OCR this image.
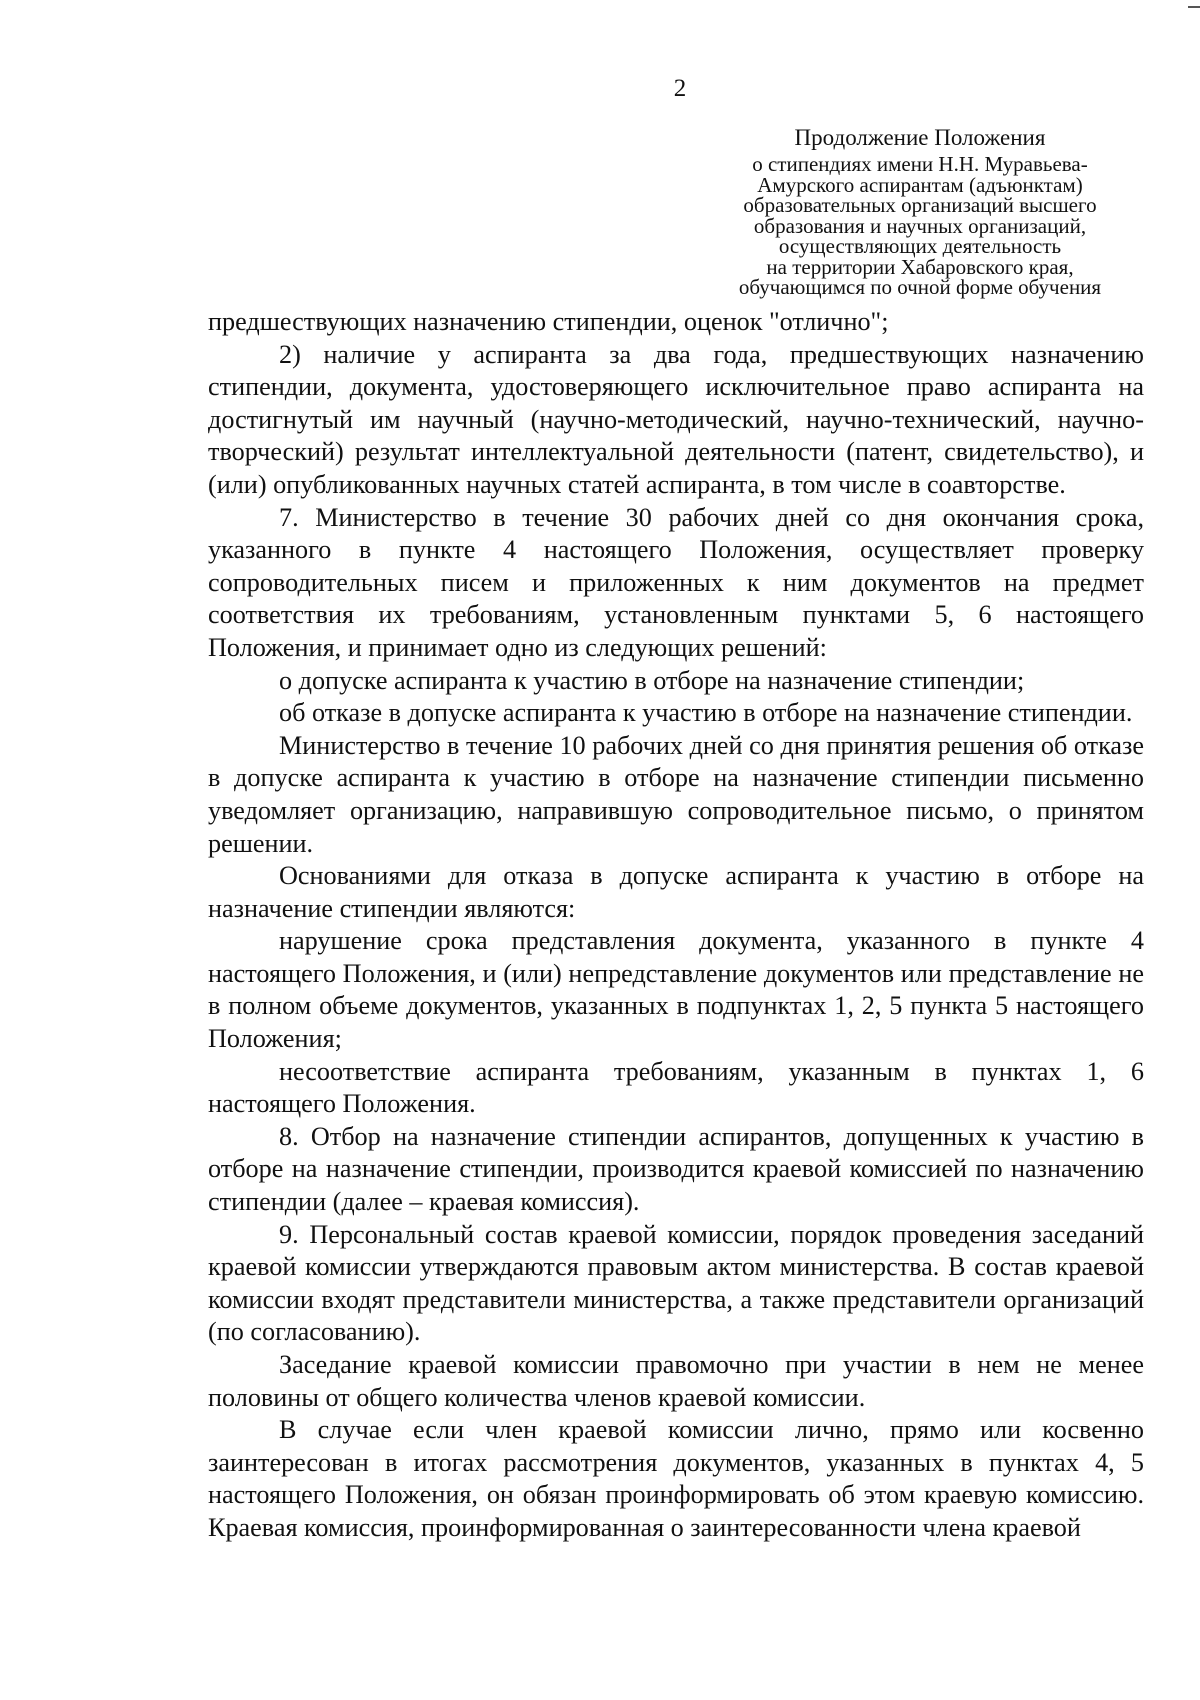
2
Продолжение Положения
о стипендиях имени Н.Н. Муравьева-
Амурского аспирантам (адъюнктам)
образовательных организаций высшего
образования и научных организаций,
осуществляющих деятельность
на территории Хабаровского края,
обучающимся по очной форме обучения

предшествующих назначению стипендии, оценок "отлично";

2) наличие у аспиранта за два года, предшествующих назначению стипендии, документа, удостоверяющего исключительное право аспиранта на достигнутый им научный (научно-методический, научно-технический, научно-творческий) результат интеллектуальной деятельности (патент, свидетельство), и (или) опубликованных научных статей аспиранта, в том числе в соавторстве.

7. Министерство в течение 30 рабочих дней со дня окончания срока, указанного в пункте 4 настоящего Положения, осуществляет проверку сопроводительных писем и приложенных к ним документов на предмет соответствия их требованиям, установленным пунктами 5, 6 настоящего Положения, и принимает одно из следующих решений:

о допуске аспиранта к участию в отборе на назначение стипендии;

об отказе в допуске аспиранта к участию в отборе на назначение стипендии.

Министерство в течение 10 рабочих дней со дня принятия решения об отказе в допуске аспиранта к участию в отборе на назначение стипендии письменно уведомляет организацию, направившую сопроводительное письмо, о принятом решении.

Основаниями для отказа в допуске аспиранта к участию в отборе на назначение стипендии являются:

нарушение срока представления документа, указанного в пункте 4 настоящего Положения, и (или) непредставление документов или представление не в полном объеме документов, указанных в подпунктах 1, 2, 5 пункта 5 настоящего Положения;

несоответствие аспиранта требованиям, указанным в пунктах 1, 6 настоящего Положения.

8. Отбор на назначение стипендии аспирантов, допущенных к участию в отборе на назначение стипендии, производится краевой комиссией по назначению стипендии (далее – краевая комиссия).

9. Персональный состав краевой комиссии, порядок проведения заседаний краевой комиссии утверждаются правовым актом министерства. В состав краевой комиссии входят представители министерства, а также представители организаций (по согласованию).

Заседание краевой комиссии правомочно при участии в нем не менее половины от общего количества членов краевой комиссии.

В случае если член краевой комиссии лично, прямо или косвенно заинтересован в итогах рассмотрения документов, указанных в пунктах 4, 5 настоящего Положения, он обязан проинформировать об этом краевую комиссию. Краевая комиссия, проинформированная о заинтересованности члена краевой
